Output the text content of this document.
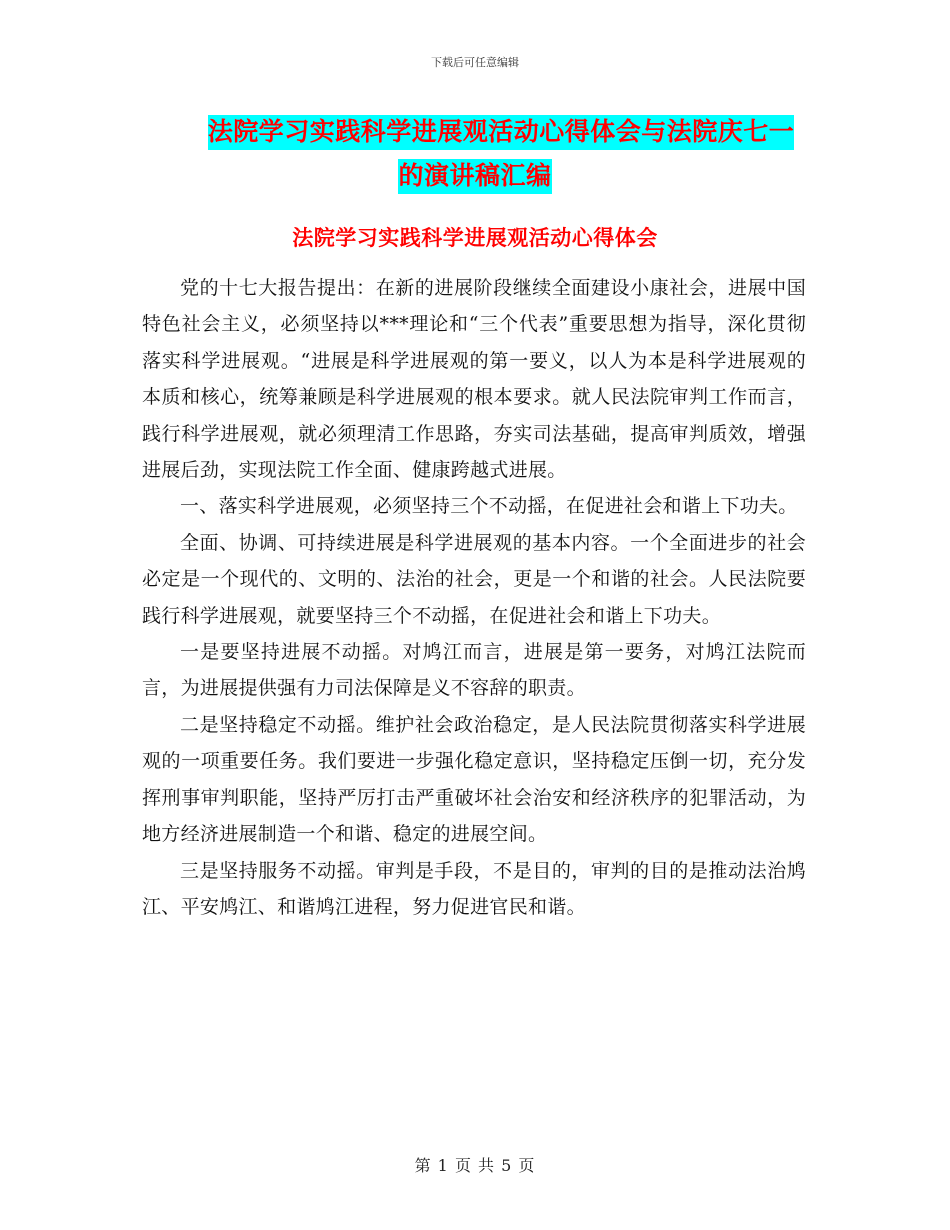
下载后可任意编辑
法院学习实践科学进展观活动心得体会与法院庆七一
的演讲稿汇编
法院学习实践科学进展观活动心得体会

党的十七大报告提出：在新的进展阶段继续全面建设小康社会，进展中国特色社会主义，必须坚持以***理论和“三个代表”重要思想为指导，深化贯彻落实科学进展观。“进展是科学进展观的第一要义，以人为本是科学进展观的本质和核心，统筹兼顾是科学进展观的根本要求。就人民法院审判工作而言，践行科学进展观，就必须理清工作思路，夯实司法基础，提高审判质效，增强进展后劲，实现法院工作全面、健康跨越式进展。

一、落实科学进展观，必须坚持三个不动摇，在促进社会和谐上下功夫。

全面、协调、可持续进展是科学进展观的基本内容。一个全面进步的社会必定是一个现代的、文明的、法治的社会，更是一个和谐的社会。人民法院要践行科学进展观，就要坚持三个不动摇，在促进社会和谐上下功夫。

一是要坚持进展不动摇。对鸠江而言，进展是第一要务，对鸠江法院而言，为进展提供强有力司法保障是义不容辞的职责。

二是坚持稳定不动摇。维护社会政治稳定，是人民法院贯彻落实科学进展观的一项重要任务。我们要进一步强化稳定意识，坚持稳定压倒一切，充分发挥刑事审判职能，坚持严厉打击严重破坏社会治安和经济秩序的犯罪活动，为地方经济进展制造一个和谐、稳定的进展空间。

三是坚持服务不动摇。审判是手段，不是目的，审判的目的是推动法治鸠江、平安鸠江、和谐鸠江进程，努力促进官民和谐。

第 1 页 共 5 页
